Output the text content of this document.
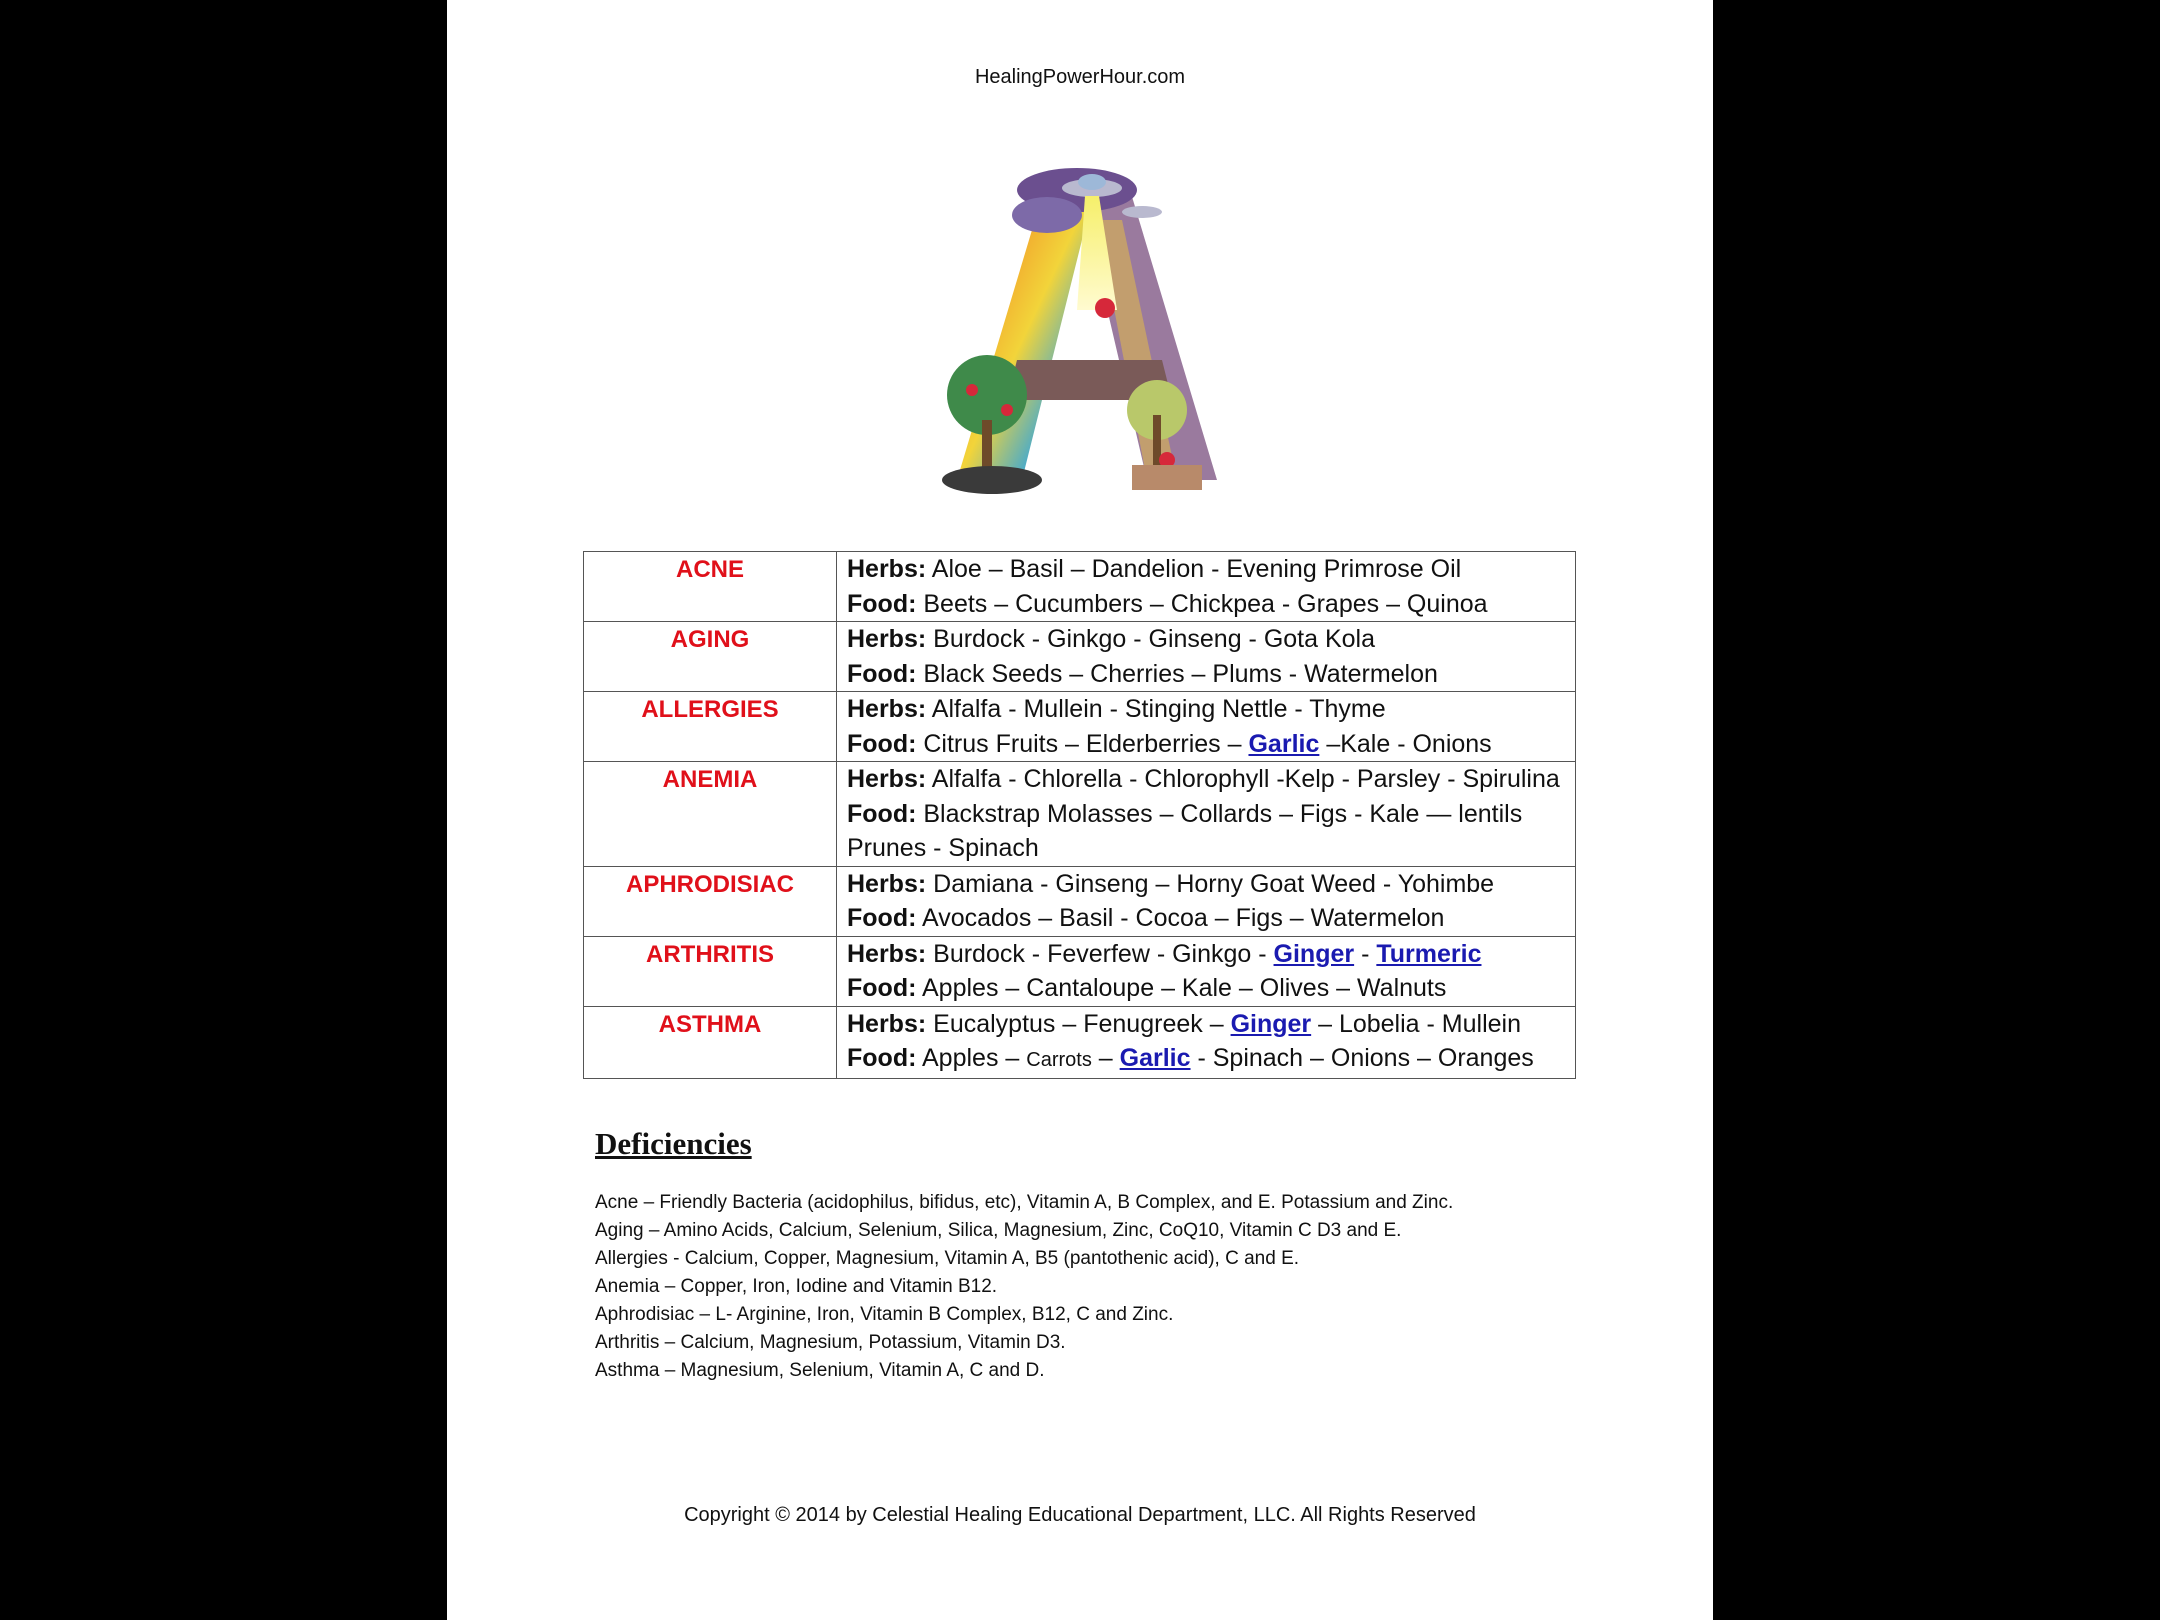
HealingPowerHour.com
ACNE	Herbs: Aloe – Basil – Dandelion - Evening Primrose Oil
Food: Beets – Cucumbers – Chickpea - Grapes – Quinoa

AGING	Herbs: Burdock - Ginkgo - Ginseng - Gota Kola
Food: Black Seeds – Cherries – Plums - Watermelon

ALLERGIES	Herbs: Alfalfa - Mullein - Stinging Nettle - Thyme
Food: Citrus Fruits – Elderberries – Garlic –Kale - Onions

ANEMIA	Herbs: Alfalfa - Chlorella - Chlorophyll -Kelp - Parsley - Spirulina
Food: Blackstrap Molasses – Collards – Figs - Kale — lentils
Prunes - Spinach

APHRODISIAC	Herbs: Damiana - Ginseng – Horny Goat Weed - Yohimbe
Food: Avocados – Basil - Cocoa – Figs – Watermelon

ARTHRITIS	Herbs: Burdock - Feverfew - Ginkgo - Ginger - Turmeric
Food: Apples – Cantaloupe – Kale – Olives – Walnuts

ASTHMA	Herbs: Eucalyptus – Fenugreek – Ginger – Lobelia - Mullein
Food: Apples – Carrots – Garlic - Spinach – Onions – Oranges
Deficiencies
Acne – Friendly Bacteria (acidophilus, bifidus, etc), Vitamin A, B Complex, and E. Potassium and Zinc.
Aging – Amino Acids, Calcium, Selenium, Silica, Magnesium, Zinc, CoQ10, Vitamin C D3 and E.
Allergies - Calcium, Copper, Magnesium, Vitamin A, B5 (pantothenic acid), C and E.
Anemia – Copper, Iron, Iodine and Vitamin B12.
Aphrodisiac – L- Arginine, Iron, Vitamin B Complex, B12, C and Zinc.
Arthritis – Calcium, Magnesium, Potassium, Vitamin D3.
Asthma – Magnesium, Selenium, Vitamin A, C and D.
Copyright © 2014 by Celestial Healing Educational Department, LLC. All Rights Reserved
